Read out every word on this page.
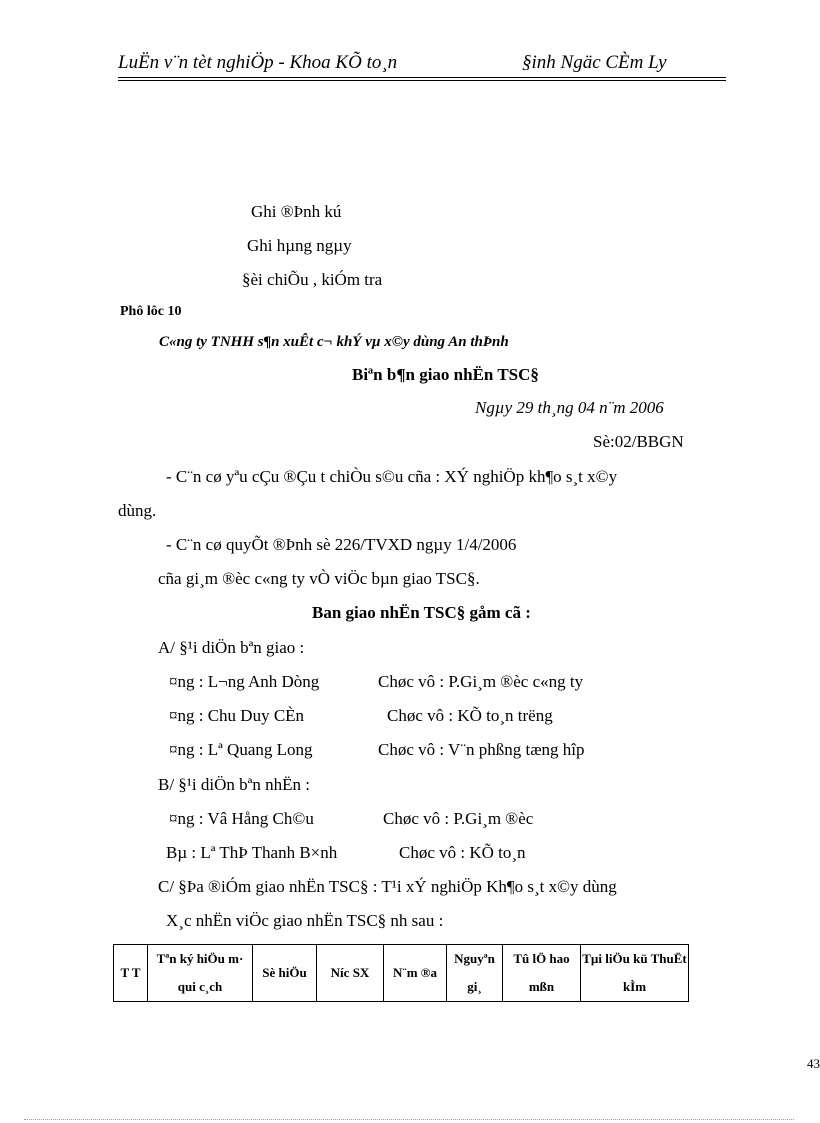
LuËn v¨n tèt nghiÖp - Khoa KÕ to¸n	§inh Ngäc CÈm Ly
Ghi ®Þnh kú
Ghi hµng ngµy
§èi chiÕu , kiÓm tra
Phô lôc 10
C«ng ty TNHH s¶n xuÊt c¬ khÝ vµ x©y dùng An thÞnh
Biªn b¶n giao nhËn TSC§
Ngµy 29 th¸ng 04 n¨m 2006
Sè:02/BBGN
- C¨n cø yªu cÇu ®Çu t chiÒu s©u cña : XÝ nghiÖp kh¶o s¸t x©y
dùng.
- C¨n cø quyÕt ®Þnh sè 226/TVXD ngµy 1/4/2006
cña gi¸m ®èc c«ng ty vÒ viÖc bµn giao TSC§.
Ban giao nhËn TSC§ gåm cã :
A/ §¹i diÖn bªn giao :
¤ng : L¬ng Anh Dòng	Chøc vô : P.Gi¸m ®èc c«ng ty
¤ng : Chu Duy CÈn	Chøc vô : KÕ to¸n trëng
¤ng : Lª Quang Long	Chøc vô : V¨n phßng tæng hîp
B/ §¹i diÖn bªn nhËn :
¤ng : Vâ Hång Ch©u	Chøc vô : P.Gi¸m ®èc
Bµ : Lª ThÞ Thanh B×nh	Chøc vô : KÕ to¸n
C/ §Þa ®iÓm giao nhËn TSC§ : T¹i xÝ nghiÖp Kh¶o s¸t x©y dùng
X¸c nhËn viÖc giao nhËn TSC§ nh sau :
T T	Tªn ký hiÖu m· qui c¸ch	Sè hiÖu	Níc SX	N¨m ®a	Nguyªn gi¸	Tû lÖ hao mßn	Tµi liÖu kü ThuËt kÌm
43
